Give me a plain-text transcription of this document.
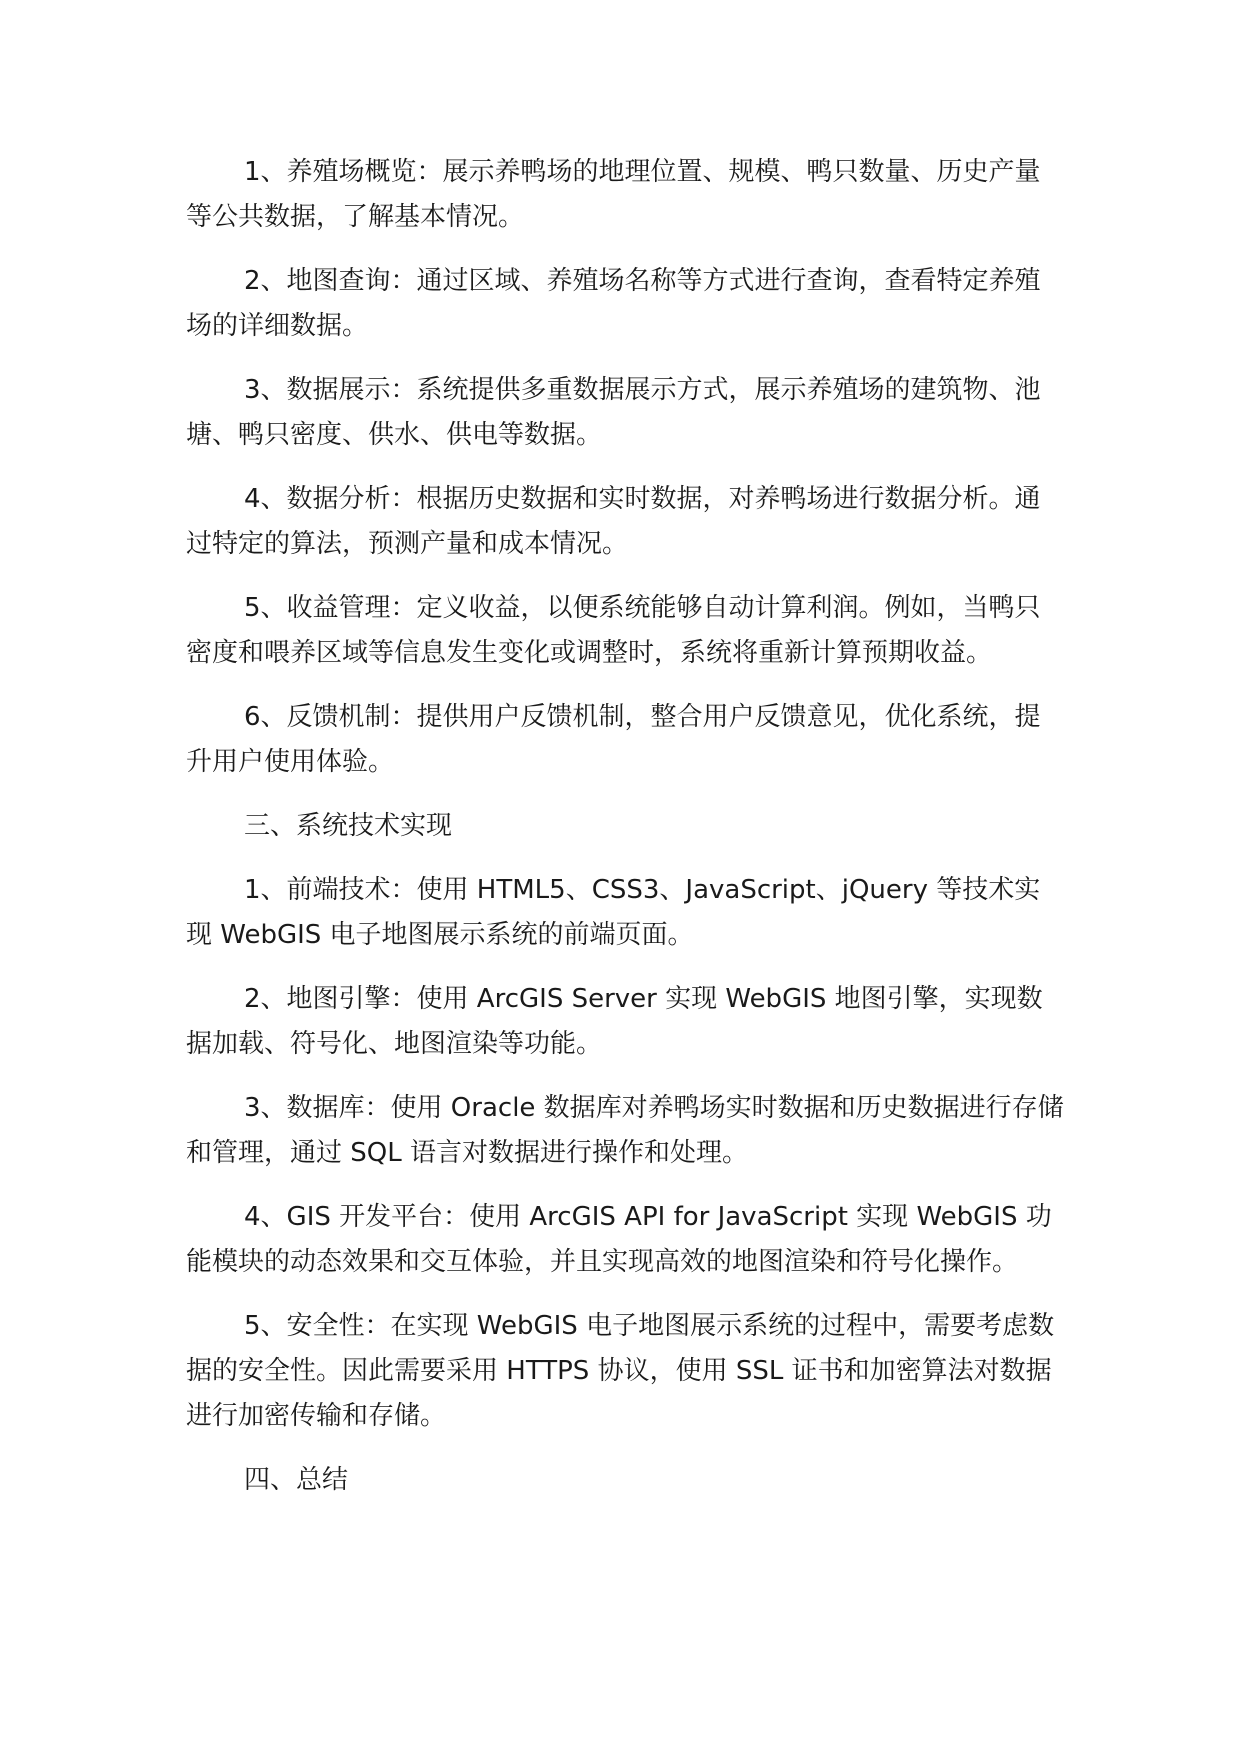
1、养殖场概览：展示养鸭场的地理位置、规模、鸭只数量、历史产量等公共数据，了解基本情况。

2、地图查询：通过区域、养殖场名称等方式进行查询，查看特定养殖场的详细数据。

3、数据展示：系统提供多重数据展示方式，展示养殖场的建筑物、池塘、鸭只密度、供水、供电等数据。

4、数据分析：根据历史数据和实时数据，对养鸭场进行数据分析。通过特定的算法，预测产量和成本情况。

5、收益管理：定义收益，以便系统能够自动计算利润。例如，当鸭只密度和喂养区域等信息发生变化或调整时，系统将重新计算预期收益。

6、反馈机制：提供用户反馈机制，整合用户反馈意见，优化系统，提升用户使用体验。

三、系统技术实现

1、前端技术：使用 HTML5、CSS3、JavaScript、jQuery 等技术实现 WebGIS 电子地图展示系统的前端页面。

2、地图引擎：使用 ArcGIS Server 实现 WebGIS 地图引擎，实现数据加载、符号化、地图渲染等功能。

3、数据库：使用 Oracle 数据库对养鸭场实时数据和历史数据进行存储和管理，通过 SQL 语言对数据进行操作和处理。

4、GIS 开发平台：使用 ArcGIS API for JavaScript 实现 WebGIS 功能模块的动态效果和交互体验，并且实现高效的地图渲染和符号化操作。

5、安全性：在实现 WebGIS 电子地图展示系统的过程中，需要考虑数据的安全性。因此需要采用 HTTPS 协议，使用 SSL 证书和加密算法对数据进行加密传输和存储。

四、总结
